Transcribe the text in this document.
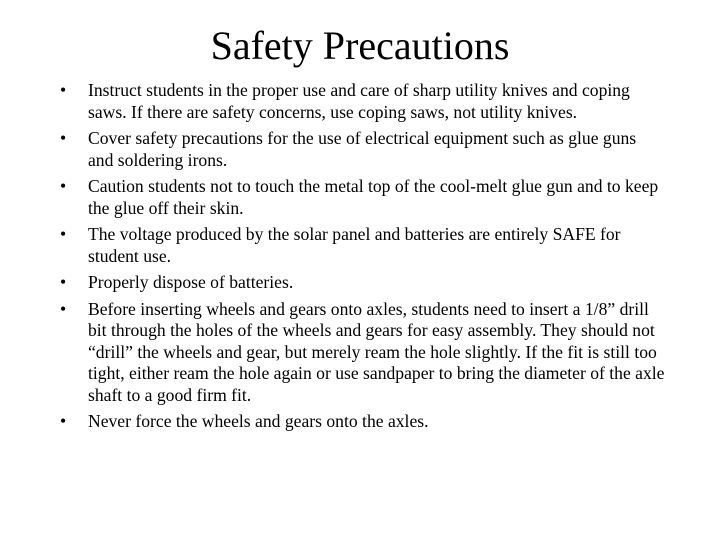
Safety Precautions
•	Instruct students in the proper use and care of sharp utility knives and coping saws. If there are safety concerns, use coping saws, not utility knives.
•	Cover safety precautions for the use of electrical equipment such as glue guns and soldering irons.
•	Caution students not to touch the metal top of the cool-melt glue gun and to keep the glue off their skin.
•	The voltage produced by the solar panel and batteries are entirely SAFE for student use.
•	Properly dispose of batteries.
•	Before inserting wheels and gears onto axles, students need to insert a 1/8” drill bit through the holes of the wheels and gears for easy assembly. They should not “drill” the wheels and gear, but merely ream the hole slightly. If the fit is still too tight, either ream the hole again or use sandpaper to bring the diameter of the axle shaft to a good firm fit.
•	Never force the wheels and gears onto the axles.
